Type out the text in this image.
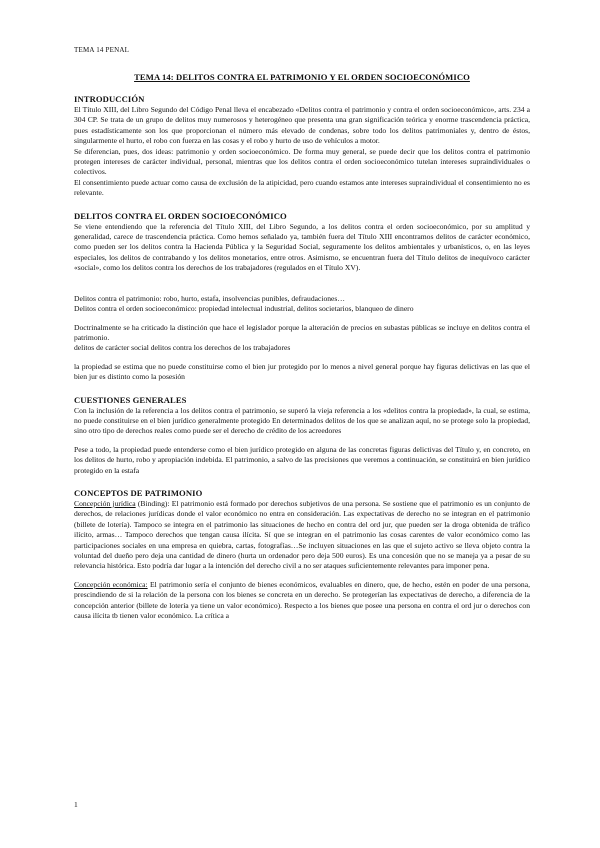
TEMA 14 PENAL
TEMA 14: DELITOS CONTRA EL PATRIMONIO Y EL ORDEN SOCIOECONÓMICO
INTRODUCCIÓN

El Título XIII, del Libro Segundo del Código Penal lleva el encabezado «Delitos contra el patrimonio y contra el orden socioeconómico», arts. 234 a 304 CP. Se trata de un grupo de delitos muy numerosos y heterogéneo que presenta una gran significación teórica y enorme trascendencia práctica, pues estadísticamente son los que proporcionan el número más elevado de condenas, sobre todo los delitos patrimoniales y, dentro de éstos, singularmente el hurto, el robo con fuerza en las cosas y el robo y hurto de uso de vehículos a motor.

Se diferencian, pues, dos ideas: patrimonio y orden socioeconómico. De forma muy general, se puede decir que los delitos contra el patrimonio protegen intereses de carácter individual, personal, mientras que los delitos contra el orden socioeconómico tutelan intereses supraindividuales o colectivos.

El consentimiento puede actuar como causa de exclusión de la atipicidad, pero cuando estamos ante intereses supraindividual el consentimiento no es relevante.

DELITOS CONTRA EL ORDEN SOCIOECONÓMICO

Se viene entendiendo que la referencia del Título XIII, del Libro Segundo, a los delitos contra el orden socioeconómico, por su amplitud y generalidad, carece de trascendencia práctica. Como hemos señalado ya, también fuera del Título XIII encontramos delitos de carácter económico, como pueden ser los delitos contra la Hacienda Pública y la Seguridad Social, seguramente los delitos ambientales y urbanísticos, o, en las leyes especiales, los delitos de contrabando y los delitos monetarios, entre otros. Asimismo, se encuentran fuera del Título delitos de inequívoco carácter «social», como los delitos contra los derechos de los trabajadores (regulados en el Título XV).

Delitos contra el patrimonio: robo, hurto, estafa, insolvencias punibles, defraudaciones…

Delitos contra el orden socioeconómico: propiedad intelectual industrial, delitos societarios, blanqueo de dinero

Doctrinalmente se ha criticado la distinción que hace el legislador porque la alteración de precios en subastas públicas se incluye en delitos contra el patrimonio.

delitos de carácter social delitos contra los derechos de los trabajadores

la propiedad se estima que no puede constituirse como el bien jur protegido por lo menos a nivel general porque hay figuras delictivas en las que el bien jur es distinto como la posesión

CUESTIONES GENERALES

Con la inclusión de la referencia a los delitos contra el patrimonio, se superó la vieja referencia a los «delitos contra la propiedad», la cual, se estima, no puede constituirse en el bien jurídico generalmente protegido En determinados delitos de los que se analizan aquí, no se protege solo la propiedad, sino otro tipo de derechos reales como puede ser el derecho de crédito de los acreedores

Pese a todo, la propiedad puede entenderse como el bien jurídico protegido en alguna de las concretas figuras delictivas del Título y, en concreto, en los delitos de hurto, robo y apropiación indebida. El patrimonio, a salvo de las precisiones que veremos a continuación, se constituirá en bien jurídico protegido en la estafa

CONCEPTOS DE PATRIMONIO

Concepción jurídica (Binding): El patrimonio está formado por derechos subjetivos de una persona. Se sostiene que el patrimonio es un conjunto de derechos, de relaciones jurídicas donde el valor económico no entra en consideración. Las expectativas de derecho no se integran en el patrimonio (billete de lotería). Tampoco se integra en el patrimonio las situaciones de hecho en contra del ord jur, que pueden ser la droga obtenida de tráfico ilícito, armas… Tampoco derechos que tengan causa ilícita. Sí que se integran en el patrimonio las cosas carentes de valor económico como las participaciones sociales en una empresa en quiebra, cartas, fotografías…Se incluyen situaciones en las que el sujeto activo se lleva objeto contra la voluntad del dueño pero deja una cantidad de dinero (hurta un ordenador pero deja 500 euros). Es una concesión que no se maneja ya a pesar de su relevancia histórica. Esto podría dar lugar a la intención del derecho civil a no ser ataques suficientemente relevantes para imponer pena.

Concepción económica: El patrimonio sería el conjunto de bienes económicos, evaluables en dinero, que, de hecho, estén en poder de una persona, prescindiendo de si la relación de la persona con los bienes se concreta en un derecho. Se protegerían las expectativas de derecho, a diferencia de la concepción anterior (billete de lotería ya tiene un valor económico). Respecto a los bienes que posee una persona en contra el ord jur o derechos con causa ilícita tb tienen valor económico. La crítica a

1
